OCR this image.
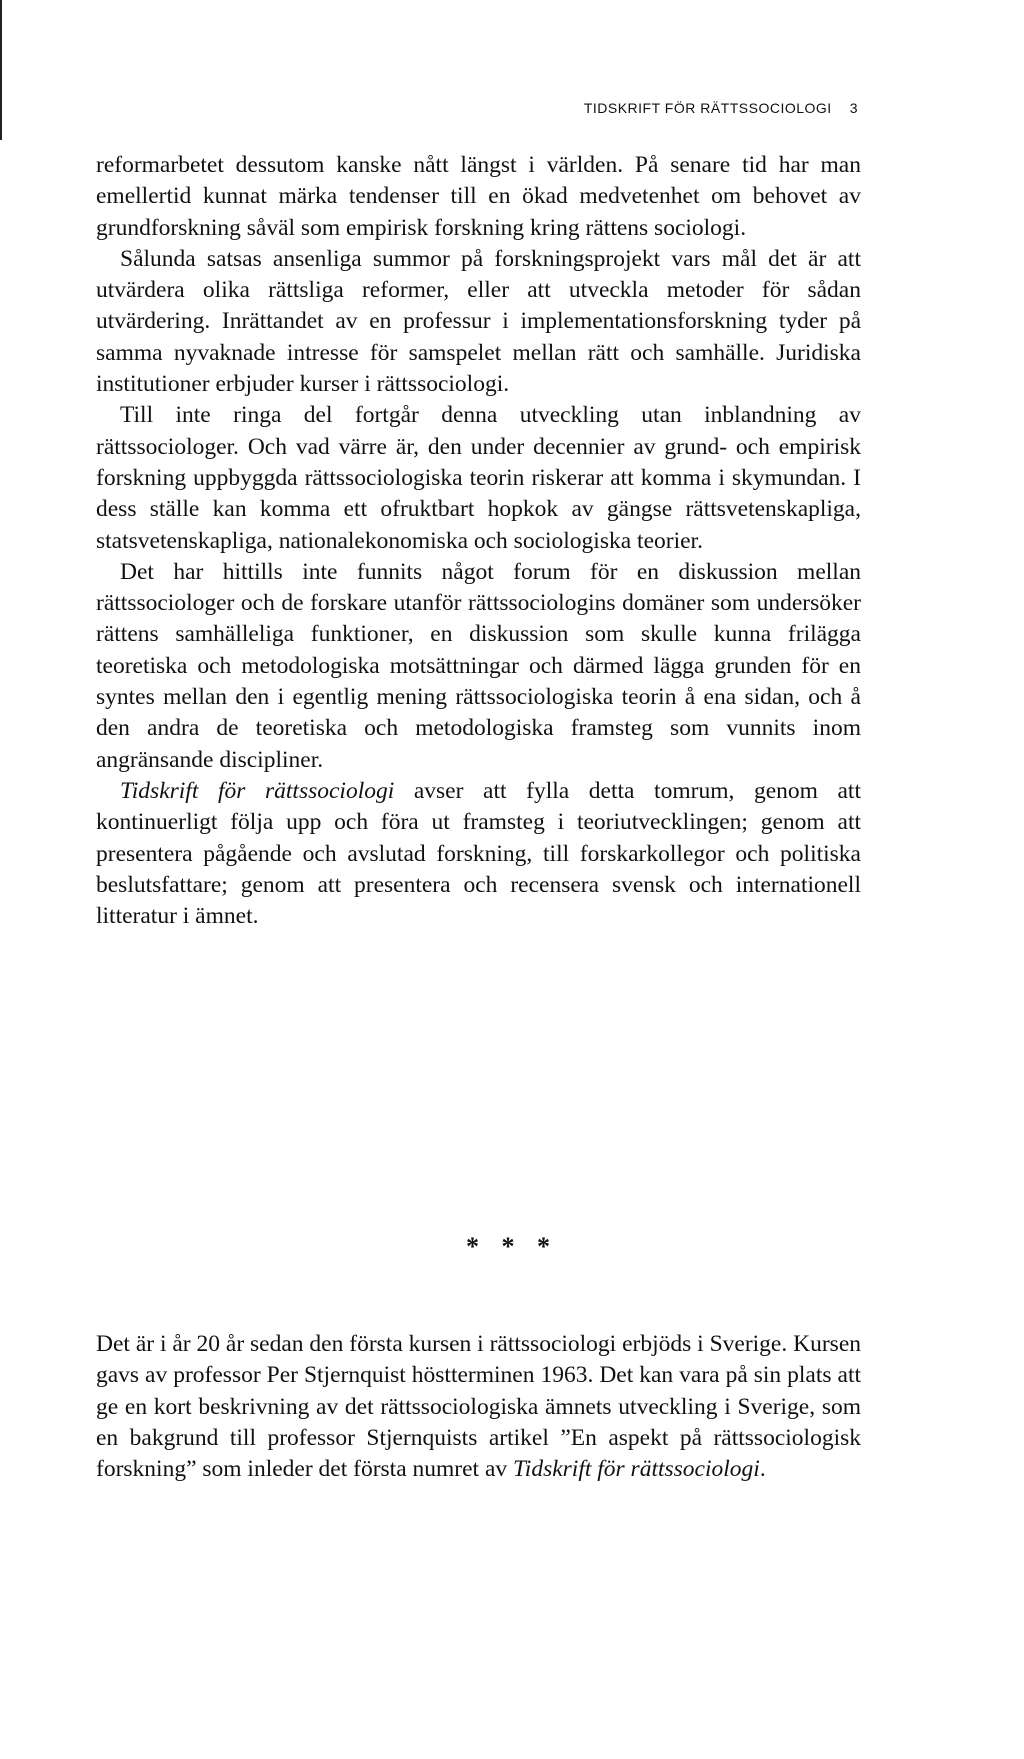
TIDSKRIFT FÖR RÄTTSSOCIOLOGI 3

reformarbetet dessutom kanske nått längst i världen. På senare tid har man emellertid kunnat märka tendenser till en ökad medvetenhet om behovet av grundforskning såväl som empirisk forskning kring rättens sociologi.

Sålunda satsas ansenliga summor på forskningsprojekt vars mål det är att utvärdera olika rättsliga reformer, eller att utveckla metoder för sådan utvärdering. Inrättandet av en professur i implementationsforskning tyder på samma nyvaknade intresse för samspelet mellan rätt och samhälle. Juridiska institutioner erbjuder kurser i rättssociologi.

Till inte ringa del fortgår denna utveckling utan inblandning av rättssociologer. Och vad värre är, den under decennier av grund- och empirisk forskning uppbyggda rättssociologiska teorin riskerar att komma i skymundan. I dess ställe kan komma ett ofruktbart hopkok av gängse rättsvetenskapliga, statsvetenskapliga, nationalekonomiska och sociologiska teorier.

Det har hittills inte funnits något forum för en diskussion mellan rättssociologer och de forskare utanför rättssociologins domäner som undersöker rättens samhälleliga funktioner, en diskussion som skulle kunna frilägga teoretiska och metodologiska motsättningar och därmed lägga grunden för en syntes mellan den i egentlig mening rättssociologiska teorin å ena sidan, och å den andra de teoretiska och metodologiska framsteg som vunnits inom angränsande discipliner.

Tidskrift för rättssociologi avser att fylla detta tomrum, genom att kontinuerligt följa upp och föra ut framsteg i teoriutvecklingen; genom att presentera pågående och avslutad forskning, till forskarkollegor och politiska beslutsfattare; genom att presentera och recensera svensk och internationell litteratur i ämnet.

* * *

Det är i år 20 år sedan den första kursen i rättssociologi erbjöds i Sverige. Kursen gavs av professor Per Stjernquist höstterminen 1963. Det kan vara på sin plats att ge en kort beskrivning av det rättssociologiska ämnets utveckling i Sverige, som en bakgrund till professor Stjernquists artikel ”En aspekt på rättssociologisk forskning” som inleder det första numret av Tidskrift för rättssociologi.
